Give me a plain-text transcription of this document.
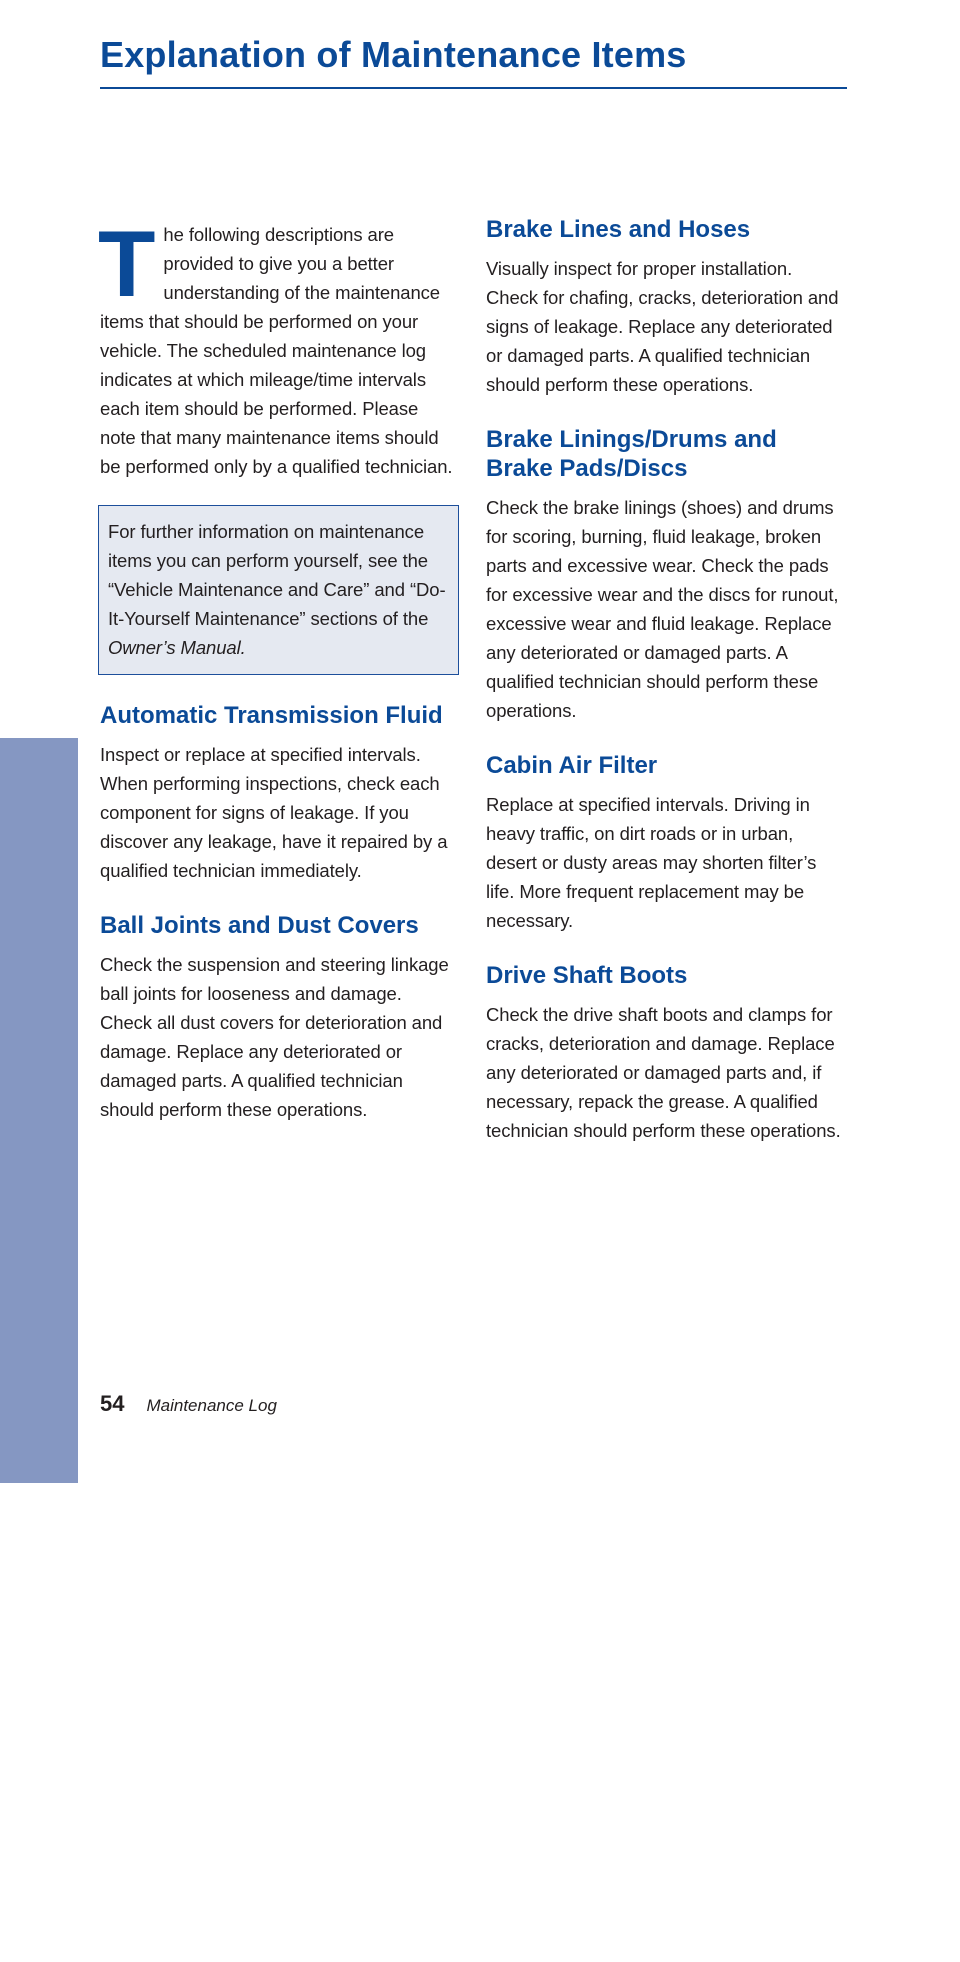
Explanation of Maintenance Items
MAINTENANCE
T he following descriptions are provided to give you a better understanding of the maintenance items that should be performed on your vehicle. The scheduled maintenance log indicates at which mileage/time intervals each item should be performed. Please note that many maintenance items should be performed only by a qualified technician.

For further information on maintenance items you can perform yourself, see the “Vehicle Maintenance and Care” and “Do-It-Yourself Maintenance” sections of the Owner’s Manual.

Automatic Transmission Fluid

Inspect or replace at specified intervals. When performing inspections, check each component for signs of leakage. If you discover any leakage, have it repaired by a qualified technician immediately.

Ball Joints and Dust Covers

Check the suspension and steering linkage ball joints for looseness and damage. Check all dust covers for deterioration and damage. Replace any deteriorated or damaged parts. A qualified technician should perform these operations.

Brake Lines and Hoses

Visually inspect for proper installation. Check for chafing, cracks, deterioration and signs of leakage. Replace any deteriorated or damaged parts. A qualified technician should perform these operations.

Brake Linings/Drums and Brake Pads/Discs

Check the brake linings (shoes) and drums for scoring, burning, fluid leakage, broken parts and excessive wear. Check the pads for excessive wear and the discs for runout, excessive wear and fluid leakage. Replace any deteriorated or damaged parts. A qualified technician should perform these operations.

Cabin Air Filter

Replace at specified intervals. Driving in heavy traffic, on dirt roads or in urban, desert or dusty areas may shorten filter’s life. More frequent replacement may be necessary.

Drive Shaft Boots

Check the drive shaft boots and clamps for cracks, deterioration and damage. Replace any deteriorated or damaged parts and, if necessary, repack the grease. A qualified technician should perform these operations.

54 Maintenance Log
